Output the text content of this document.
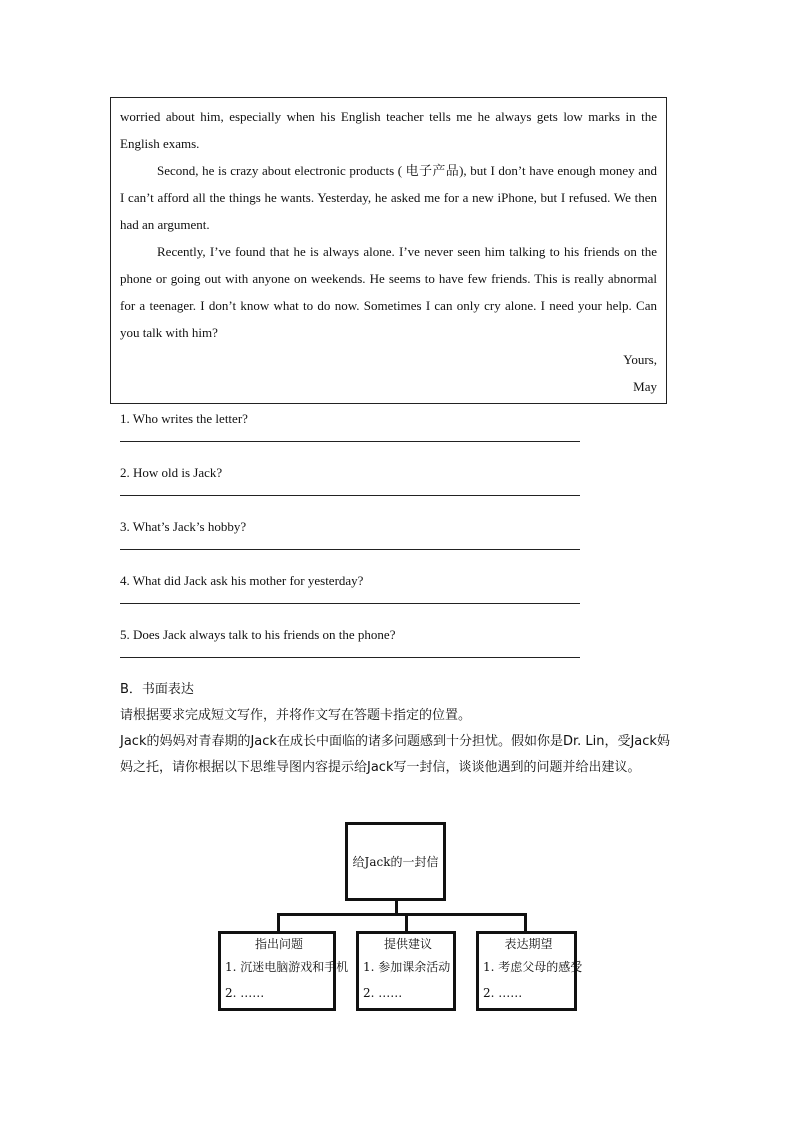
worried about him, especially when his English teacher tells me he always gets low marks in the English exams.

Second, he is crazy about electronic products ( 电子产品), but I don’t have enough money and I can’t afford all the things he wants. Yesterday, he asked me for a new iPhone, but I refused. We then had an argument.

Recently, I’ve found that he is always alone. I’ve never seen him talking to his friends on the phone or going out with anyone on weekends. He seems to have few friends. This is really abnormal for a teenager. I don’t know what to do now. Sometimes I can only cry alone. I need your help. Can you talk with him?

Yours,

May

1. Who writes the letter?
2. How old is Jack?
3. What’s Jack’s hobby?
4. What did Jack ask his mother for yesterday?
5. Does Jack always talk to his friends on the phone?
B．书面表达
请根据要求完成短文写作，并将作文写在答题卡指定的位置。
Jack的妈妈对青春期的Jack在成长中面临的诸多问题感到十分担忧。假如你是Dr. Lin，受Jack妈妈之托，请你根据以下思维导图内容提示给Jack写一封信，谈谈他遇到的问题并给出建议。
给Jack的一封信
指出问题
1. 沉迷电脑游戏和手机
2. ……
提供建议
1. 参加课余活动
2. ……
表达期望
1. 考虑父母的感受
2. ……
